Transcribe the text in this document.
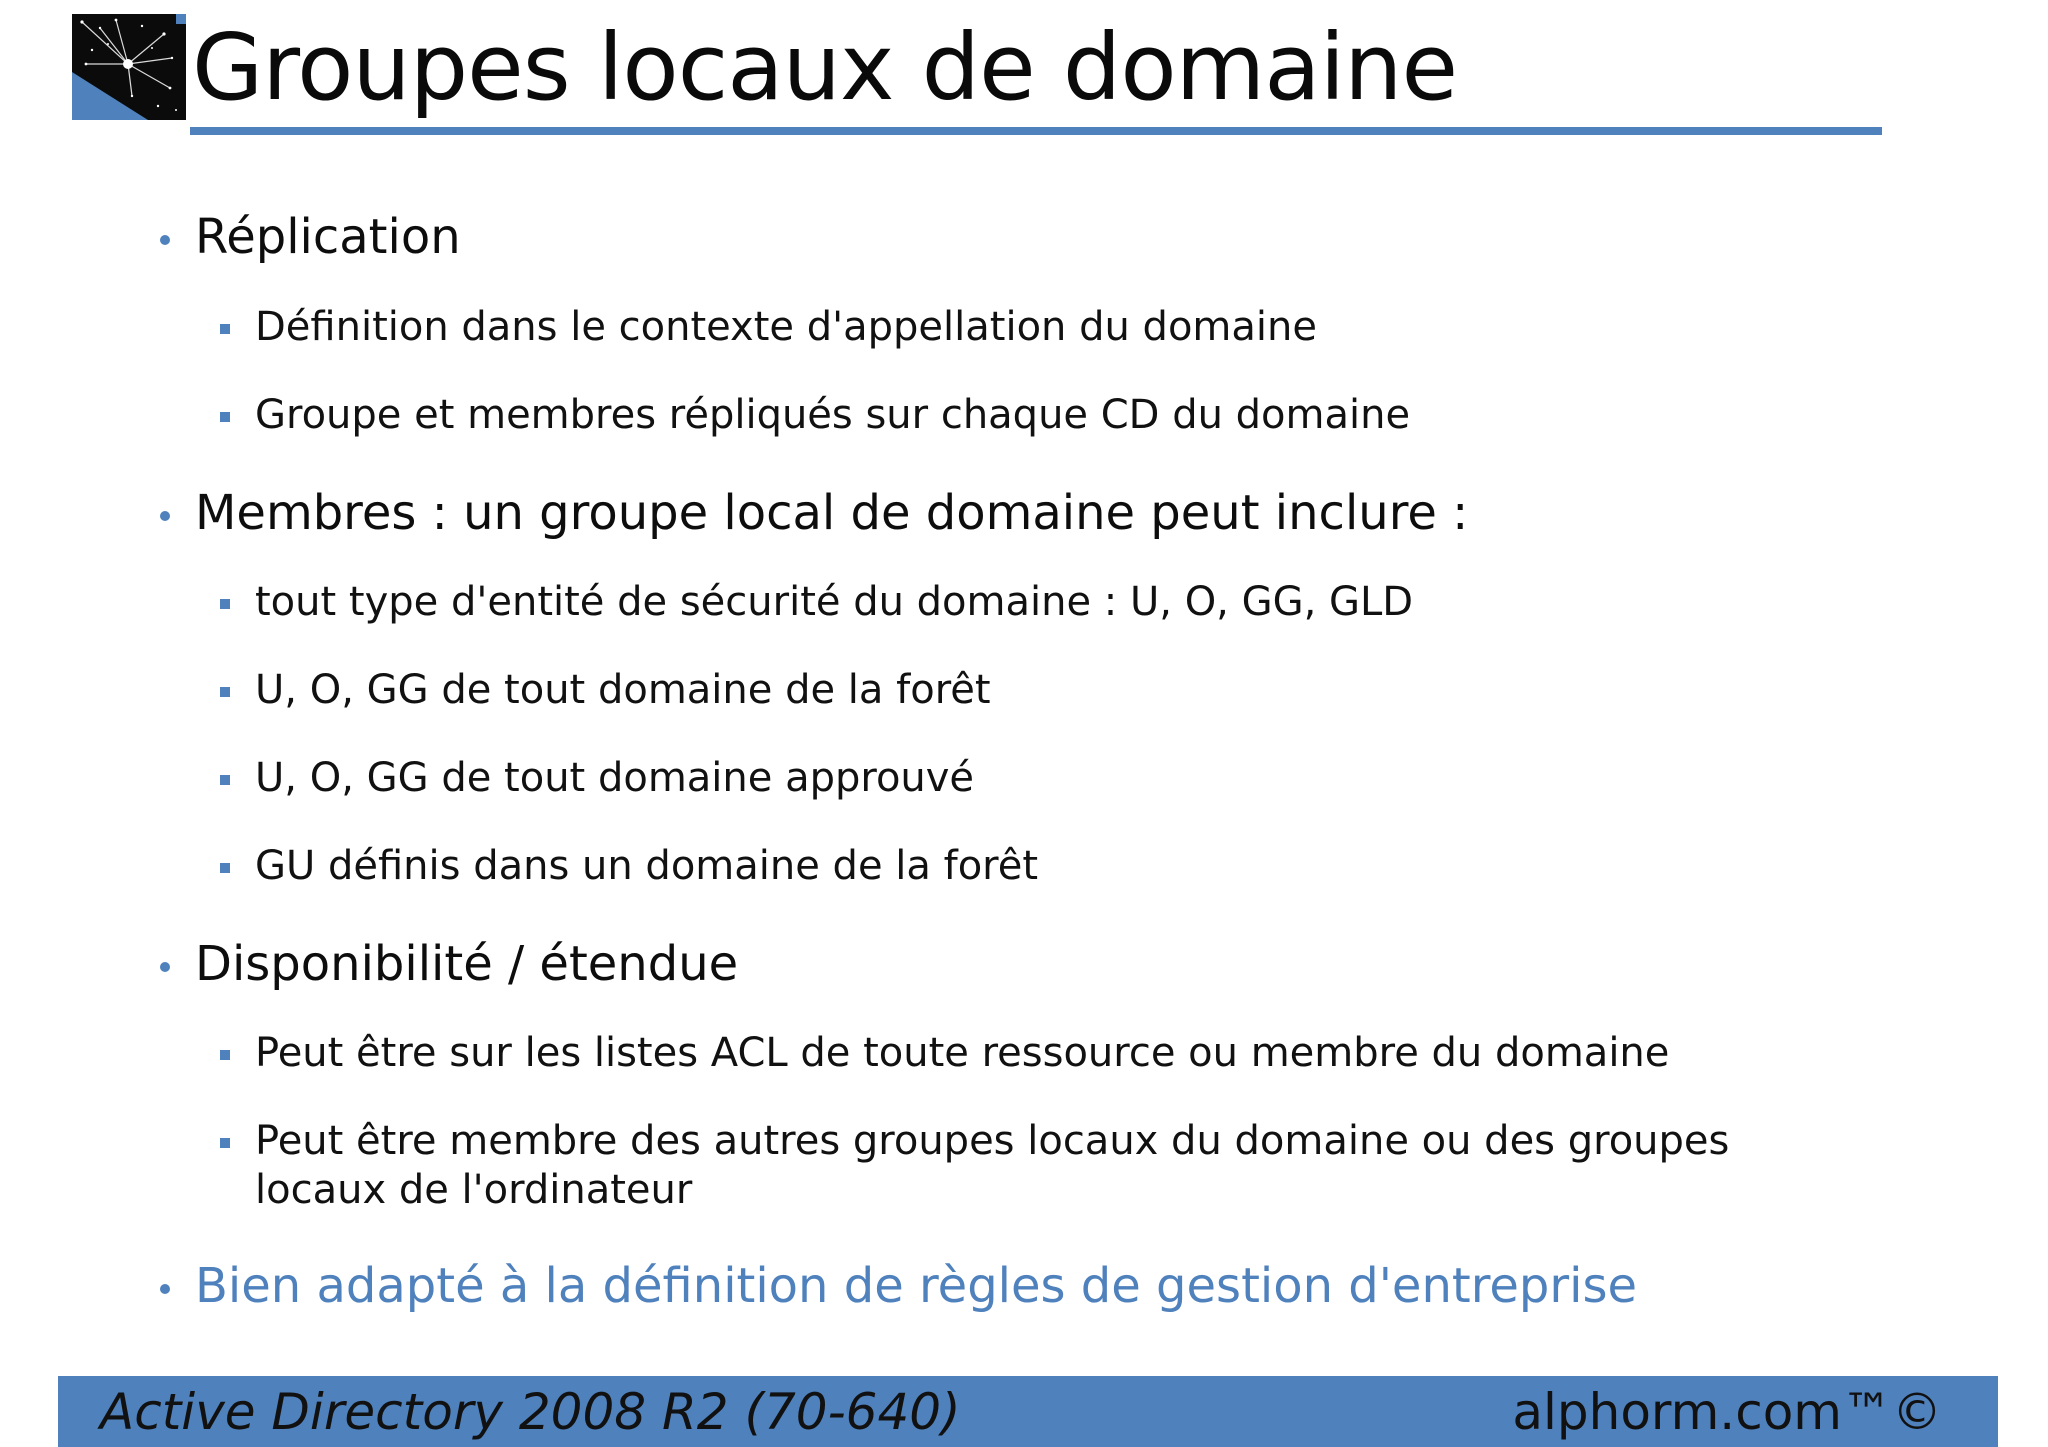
Groupes locaux de domaine
Réplication
Définition dans le contexte d'appellation du domaine
Groupe et membres répliqués sur chaque CD du domaine
Membres : un groupe local de domaine peut inclure :
tout type d'entité de sécurité du domaine : U, O, GG, GLD
U, O, GG de tout domaine de la forêt
U, O, GG de tout domaine approuvé
GU définis dans un domaine de la forêt
Disponibilité / étendue
Peut être sur les listes ACL de toute ressource ou membre du domaine
Peut être membre des autres groupes locaux du domaine ou des groupes
locaux de l'ordinateur
Bien adapté à la définition de règles de gestion d'entreprise
Active Directory 2008 R2 (70-640)	alphorm.com™©
